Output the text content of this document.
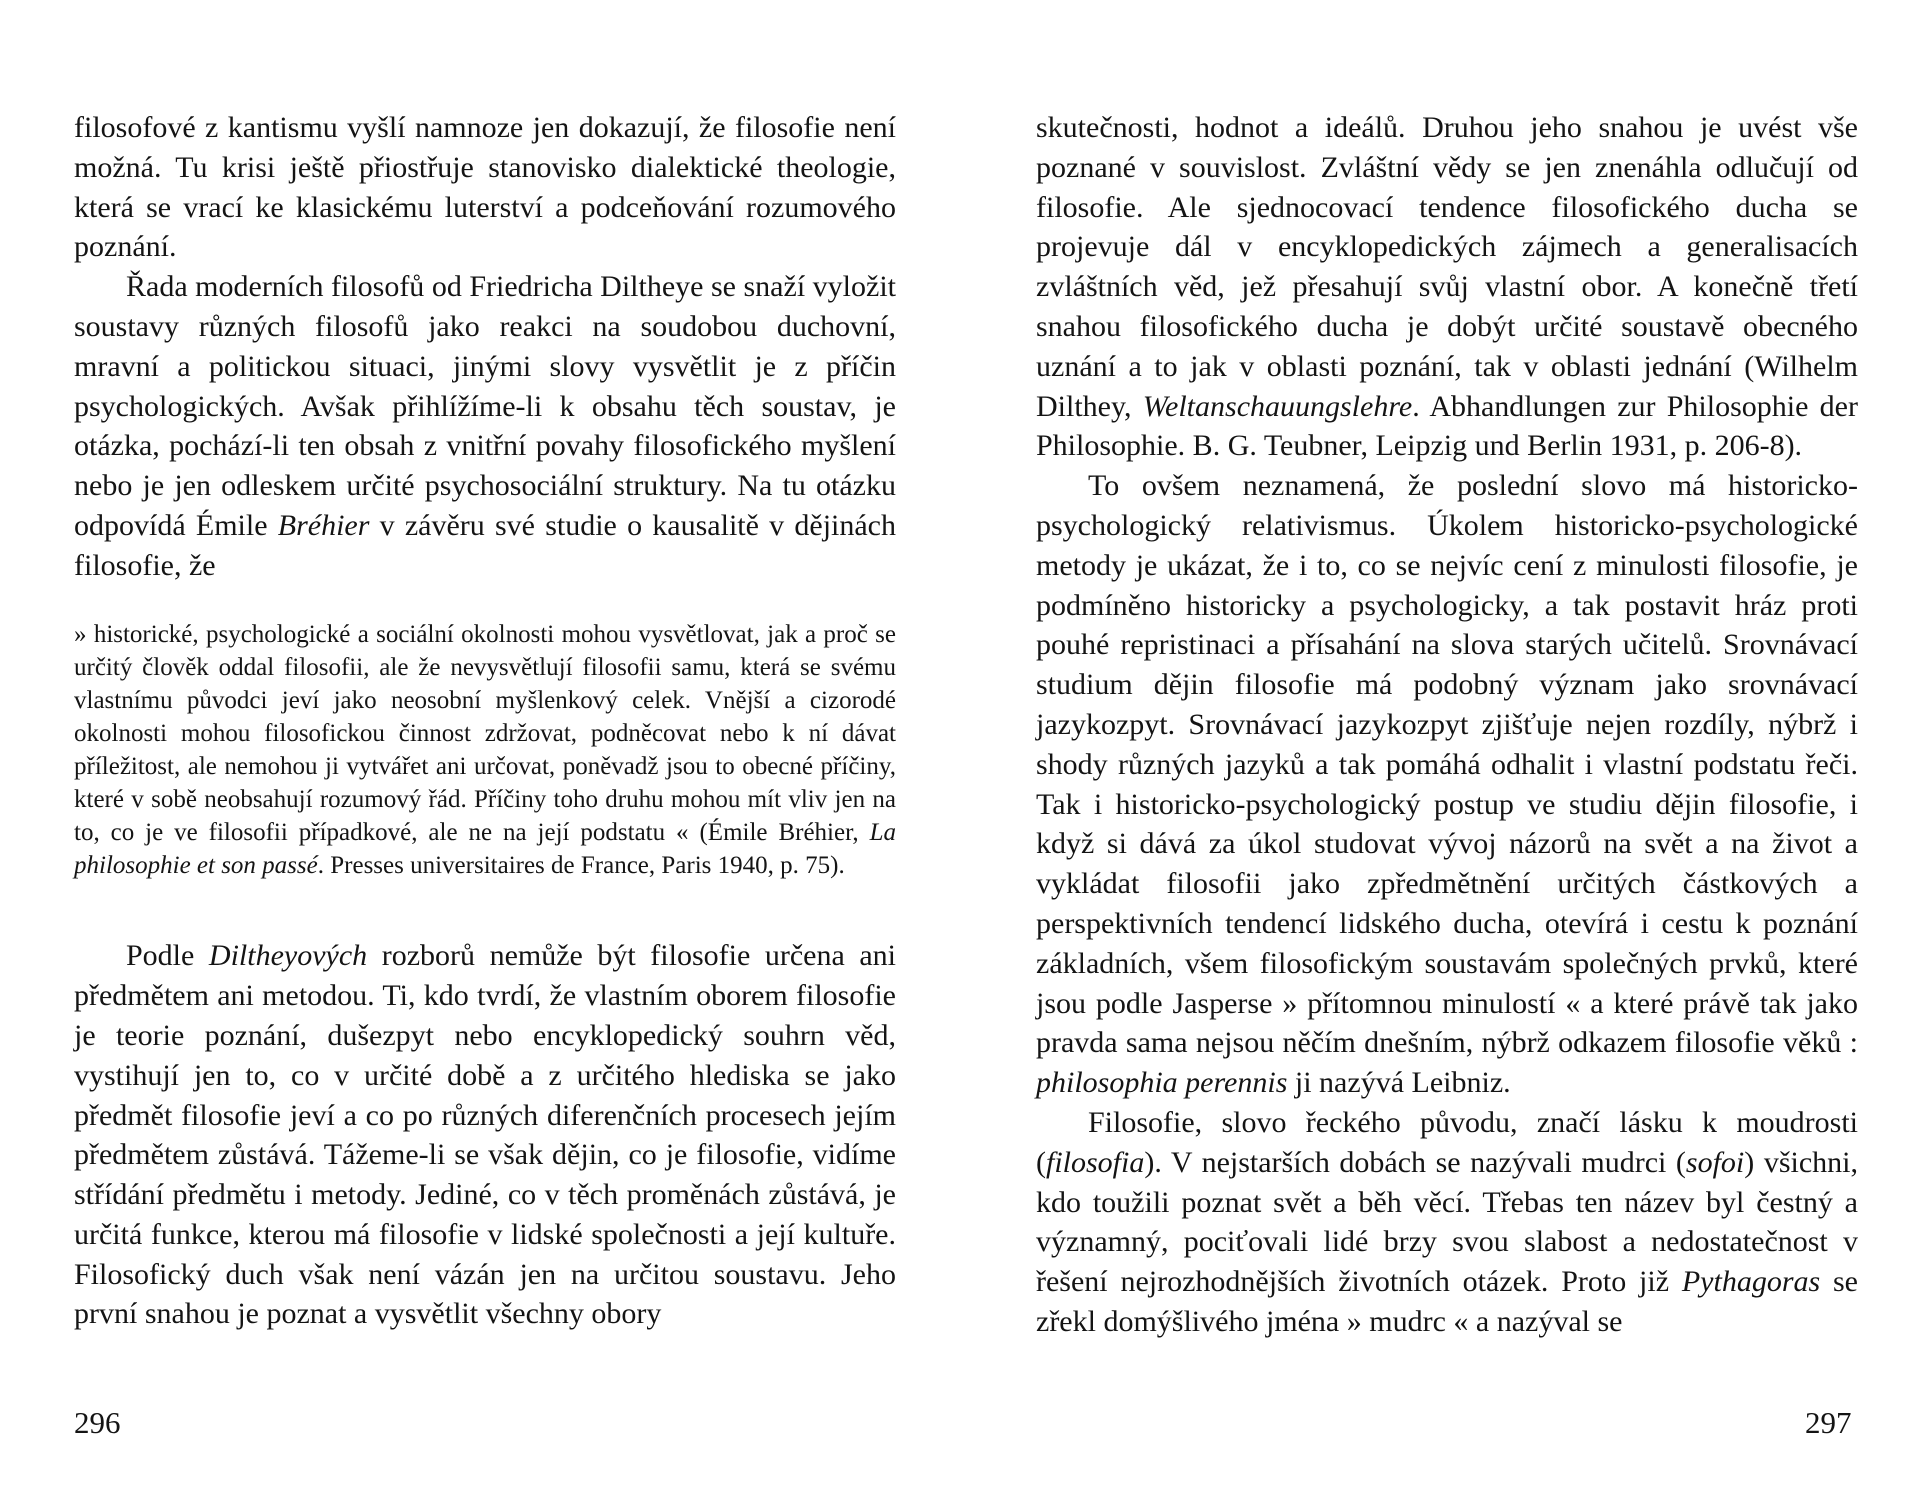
filosofové z kantismu vyšlí namnoze jen dokazují, že filosofie není možná. Tu krisi ještě přiostřuje stanovisko dialektické theologie, která se vrací ke klasickému luterství a podceňování rozumového poznání.

Řada moderních filosofů od Friedricha Diltheye se snaží vyložit soustavy různých filosofů jako reakci na soudobou duchovní, mravní a politickou situaci, jinými slovy vysvětlit je z příčin psychologických. Avšak přihlížíme-li k obsahu těch soustav, je otázka, pochází-li ten obsah z vnitřní povahy filosofického myšlení nebo je jen odleskem určité psychosociální struktury. Na tu otázku odpovídá Émile Bréhier v závěru své studie o kausalitě v dějinách filosofie, že

» historické, psychologické a sociální okolnosti mohou vysvětlovat, jak a proč se určitý člověk oddal filosofii, ale že nevysvětlují filosofii samu, která se svému vlastnímu původci jeví jako neosobní myšlenkový celek. Vnější a cizorodé okolnosti mohou filosofickou činnost zdržovat, podněcovat nebo k ní dávat příležitost, ale nemohou ji vytvářet ani určovat, poněvadž jsou to obecné příčiny, které v sobě neobsahují rozumový řád. Příčiny toho druhu mohou mít vliv jen na to, co je ve filosofii případkové, ale ne na její podstatu « (Émile Bréhier, La philosophie et son passé. Presses universitaires de France, Paris 1940, p. 75).

Podle Diltheyových rozborů nemůže být filosofie určena ani předmětem ani metodou. Ti, kdo tvrdí, že vlastním oborem filosofie je teorie poznání, dušezpyt nebo encyklopedický souhrn věd, vystihují jen to, co v určité době a z určitého hlediska se jako předmět filosofie jeví a co po různých diferenčních procesech jejím předmětem zůstává. Tážeme-li se však dějin, co je filosofie, vidíme střídání předmětu i metody. Jediné, co v těch proměnách zůstává, je určitá funkce, kterou má filosofie v lidské společnosti a její kultuře. Filosofický duch však není vázán jen na určitou soustavu. Jeho první snahou je poznat a vysvětlit všechny obory

296

skutečnosti, hodnot a ideálů. Druhou jeho snahou je uvést vše poznané v souvislost. Zvláštní vědy se jen znenáhla odlučují od filosofie. Ale sjednocovací tendence filosofického ducha se projevuje dál v encyklopedických zájmech a generalisacích zvláštních věd, jež přesahují svůj vlastní obor. A konečně třetí snahou filosofického ducha je dobýt určité soustavě obecného uznání a to jak v oblasti poznání, tak v oblasti jednání (Wilhelm Dilthey, Weltanschauungslehre. Abhandlungen zur Philosophie der Philosophie. B. G. Teubner, Leipzig und Berlin 1931, p. 206-8).

To ovšem neznamená, že poslední slovo má historicko-psychologický relativismus. Úkolem historicko-psychologické metody je ukázat, že i to, co se nejvíc cení z minulosti filosofie, je podmíněno historicky a psychologicky, a tak postavit hráz proti pouhé repristinaci a přísahání na slova starých učitelů. Srovnávací studium dějin filosofie má podobný význam jako srovnávací jazykozpyt. Srovnávací jazykozpyt zjišťuje nejen rozdíly, nýbrž i shody různých jazyků a tak pomáhá odhalit i vlastní podstatu řeči. Tak i historicko-psychologický postup ve studiu dějin filosofie, i když si dává za úkol studovat vývoj názorů na svět a na život a vykládat filosofii jako zpředmětnění určitých částkových a perspektivních tendencí lidského ducha, otevírá i cestu k poznání základních, všem filosofickým soustavám společných prvků, které jsou podle Jasperse » přítomnou minulostí « a které právě tak jako pravda sama nejsou něčím dnešním, nýbrž odkazem filosofie věků : philosophia perennis ji nazývá Leibniz.

Filosofie, slovo řeckého původu, značí lásku k moudrosti (filosofia). V nejstarších dobách se nazývali mudrci (sofoi) všichni, kdo toužili poznat svět a běh věcí. Třebas ten název byl čestný a významný, pociťovali lidé brzy svou slabost a nedostatečnost v řešení nejrozhodnějších životních otázek. Proto již Pythagoras se zřekl domýšlivého jména » mudrc « a nazýval se

297
